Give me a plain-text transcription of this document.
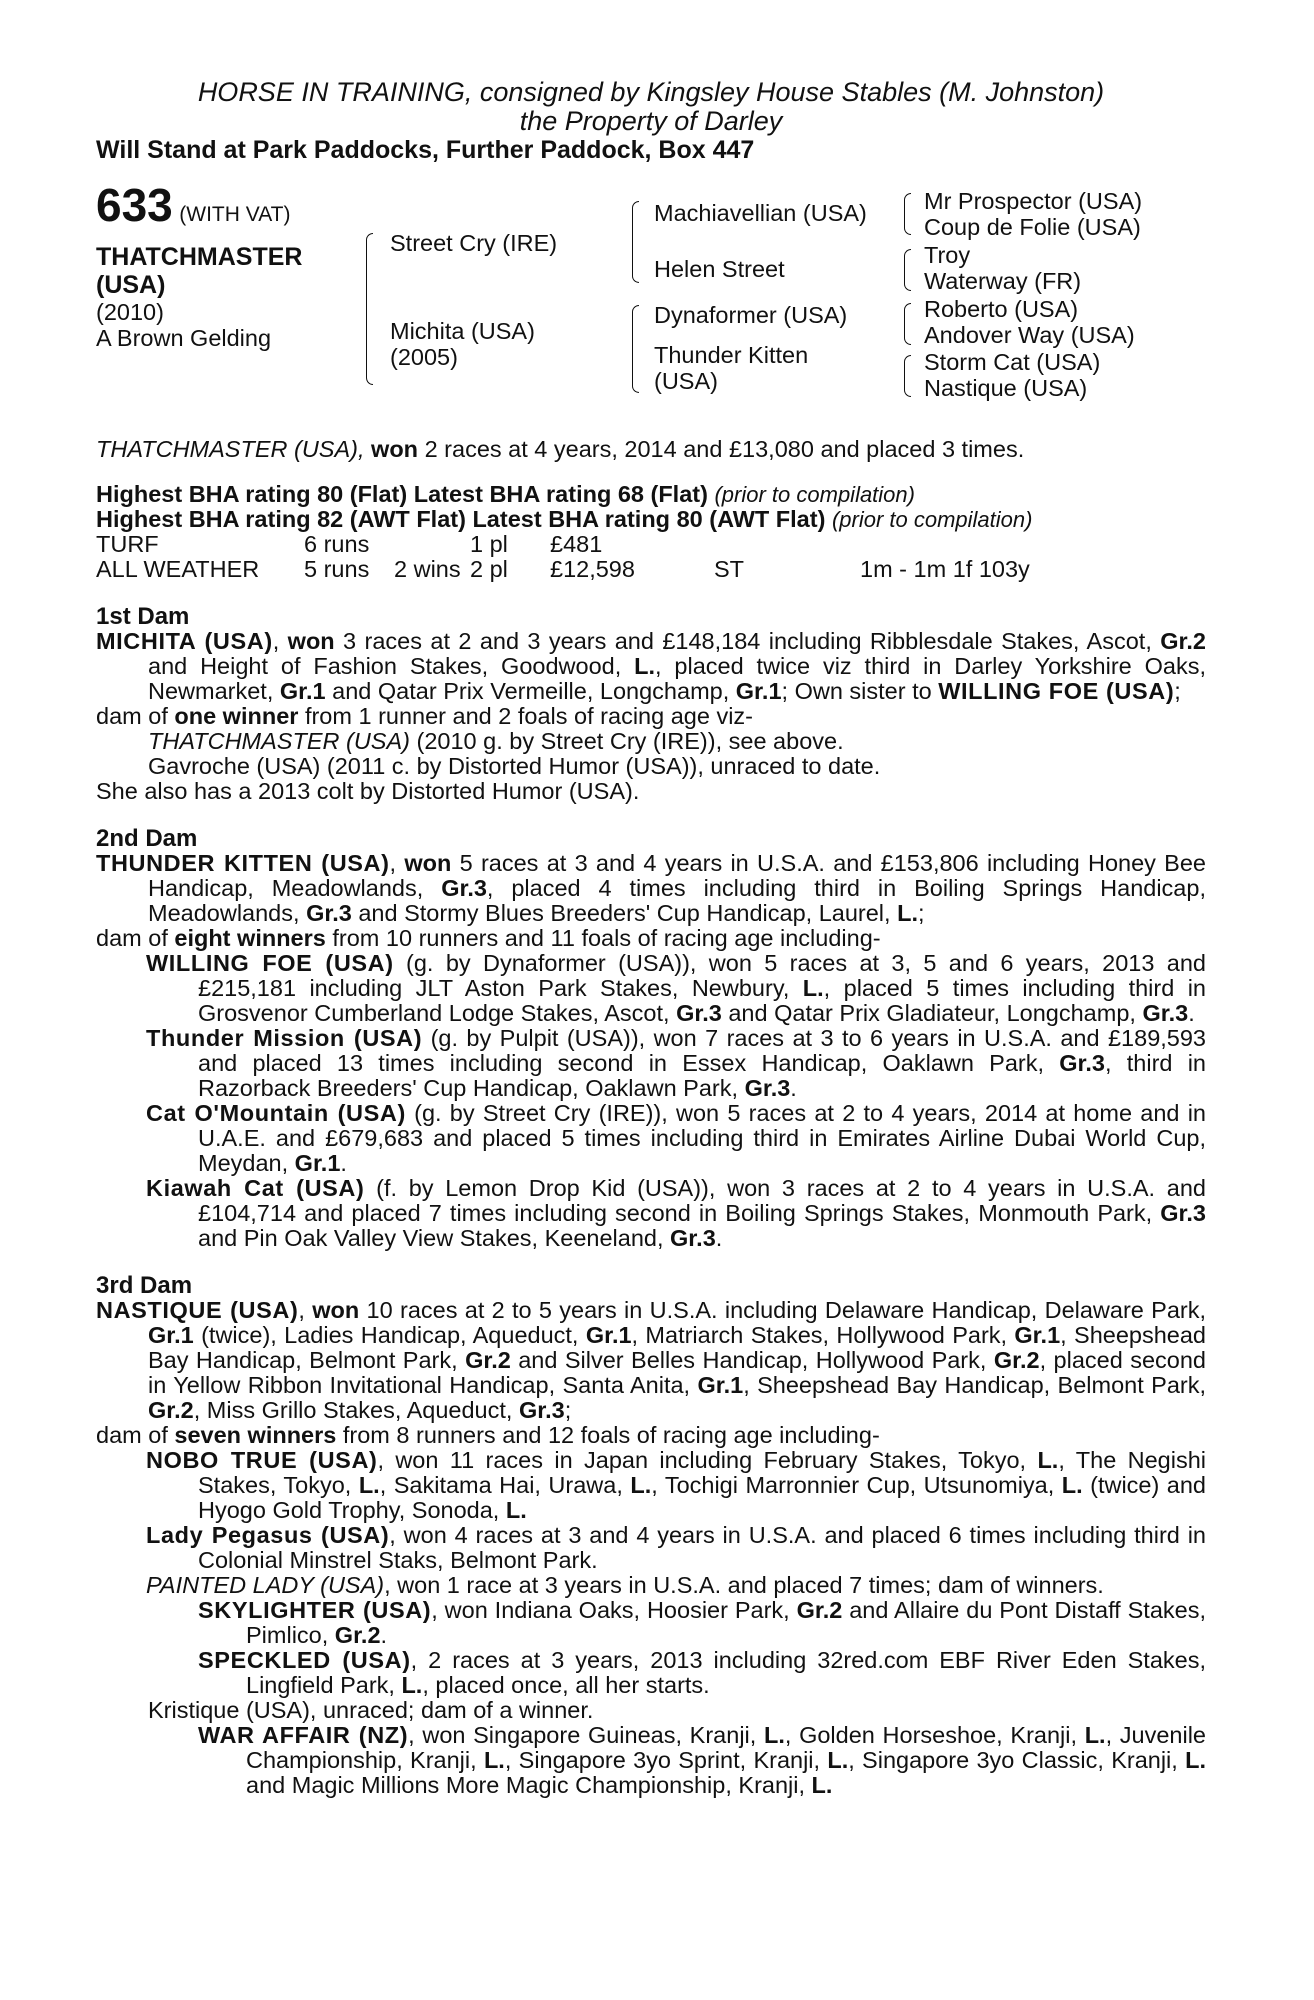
HORSE IN TRAINING, consigned by Kingsley House Stables (M. Johnston)
the Property of Darley
Will Stand at Park Paddocks, Further Paddock, Box 447
633 (WITH VAT)
THATCHMASTER
(USA)
(2010)
A Brown Gelding
Street Cry (IRE)
Michita (USA)
(2005)
Machiavellian (USA)
Helen Street
Dynaformer (USA)
Thunder Kitten
(USA)
Mr Prospector (USA)
Coup de Folie (USA)
Troy
Waterway (FR)
Roberto (USA)
Andover Way (USA)
Storm Cat (USA)
Nastique (USA)
THATCHMASTER (USA), won 2 races at 4 years, 2014 and £13,080 and placed 3 times.
Highest BHA rating 80 (Flat) Latest BHA rating 68 (Flat) (prior to compilation)
Highest BHA rating 82 (AWT Flat) Latest BHA rating 80 (AWT Flat) (prior to compilation)
TURF	6 runs	1 pl	£481
ALL WEATHER	5 runs	2 wins 2 pl	£12,598	ST	1m - 1m 1f 103y
1st Dam
MICHITA (USA), won 3 races at 2 and 3 years and £148,184 including Ribblesdale Stakes, Ascot, Gr.2 and Height of Fashion Stakes, Goodwood, L., placed twice viz third in Darley Yorkshire Oaks, Newmarket, Gr.1 and Qatar Prix Vermeille, Longchamp, Gr.1; Own sister to WILLING FOE (USA);
dam of one winner from 1 runner and 2 foals of racing age viz-
THATCHMASTER (USA) (2010 g. by Street Cry (IRE)), see above.
Gavroche (USA) (2011 c. by Distorted Humor (USA)), unraced to date.
She also has a 2013 colt by Distorted Humor (USA).
2nd Dam
THUNDER KITTEN (USA), won 5 races at 3 and 4 years in U.S.A. and £153,806 including Honey Bee Handicap, Meadowlands, Gr.3, placed 4 times including third in Boiling Springs Handicap, Meadowlands, Gr.3 and Stormy Blues Breeders' Cup Handicap, Laurel, L.;
dam of eight winners from 10 runners and 11 foals of racing age including-
WILLING FOE (USA) (g. by Dynaformer (USA)), won 5 races at 3, 5 and 6 years, 2013 and £215,181 including JLT Aston Park Stakes, Newbury, L., placed 5 times including third in Grosvenor Cumberland Lodge Stakes, Ascot, Gr.3 and Qatar Prix Gladiateur, Longchamp, Gr.3.
Thunder Mission (USA) (g. by Pulpit (USA)), won 7 races at 3 to 6 years in U.S.A. and £189,593 and placed 13 times including second in Essex Handicap, Oaklawn Park, Gr.3, third in Razorback Breeders' Cup Handicap, Oaklawn Park, Gr.3.
Cat O'Mountain (USA) (g. by Street Cry (IRE)), won 5 races at 2 to 4 years, 2014 at home and in U.A.E. and £679,683 and placed 5 times including third in Emirates Airline Dubai World Cup, Meydan, Gr.1.
Kiawah Cat (USA) (f. by Lemon Drop Kid (USA)), won 3 races at 2 to 4 years in U.S.A. and £104,714 and placed 7 times including second in Boiling Springs Stakes, Monmouth Park, Gr.3 and Pin Oak Valley View Stakes, Keeneland, Gr.3.
3rd Dam
NASTIQUE (USA), won 10 races at 2 to 5 years in U.S.A. including Delaware Handicap, Delaware Park, Gr.1 (twice), Ladies Handicap, Aqueduct, Gr.1, Matriarch Stakes, Hollywood Park, Gr.1, Sheepshead Bay Handicap, Belmont Park, Gr.2 and Silver Belles Handicap, Hollywood Park, Gr.2, placed second in Yellow Ribbon Invitational Handicap, Santa Anita, Gr.1, Sheepshead Bay Handicap, Belmont Park, Gr.2, Miss Grillo Stakes, Aqueduct, Gr.3;
dam of seven winners from 8 runners and 12 foals of racing age including-
NOBO TRUE (USA), won 11 races in Japan including February Stakes, Tokyo, L., The Negishi Stakes, Tokyo, L., Sakitama Hai, Urawa, L., Tochigi Marronnier Cup, Utsunomiya, L. (twice) and Hyogo Gold Trophy, Sonoda, L.
Lady Pegasus (USA), won 4 races at 3 and 4 years in U.S.A. and placed 6 times including third in Colonial Minstrel Staks, Belmont Park.
PAINTED LADY (USA), won 1 race at 3 years in U.S.A. and placed 7 times; dam of winners.
SKYLIGHTER (USA), won Indiana Oaks, Hoosier Park, Gr.2 and Allaire du Pont Distaff Stakes, Pimlico, Gr.2.
SPECKLED (USA), 2 races at 3 years, 2013 including 32red.com EBF River Eden Stakes, Lingfield Park, L., placed once, all her starts.
Kristique (USA), unraced; dam of a winner.
WAR AFFAIR (NZ), won Singapore Guineas, Kranji, L., Golden Horseshoe, Kranji, L., Juvenile Championship, Kranji, L., Singapore 3yo Sprint, Kranji, L., Singapore 3yo Classic, Kranji, L. and Magic Millions More Magic Championship, Kranji, L.
